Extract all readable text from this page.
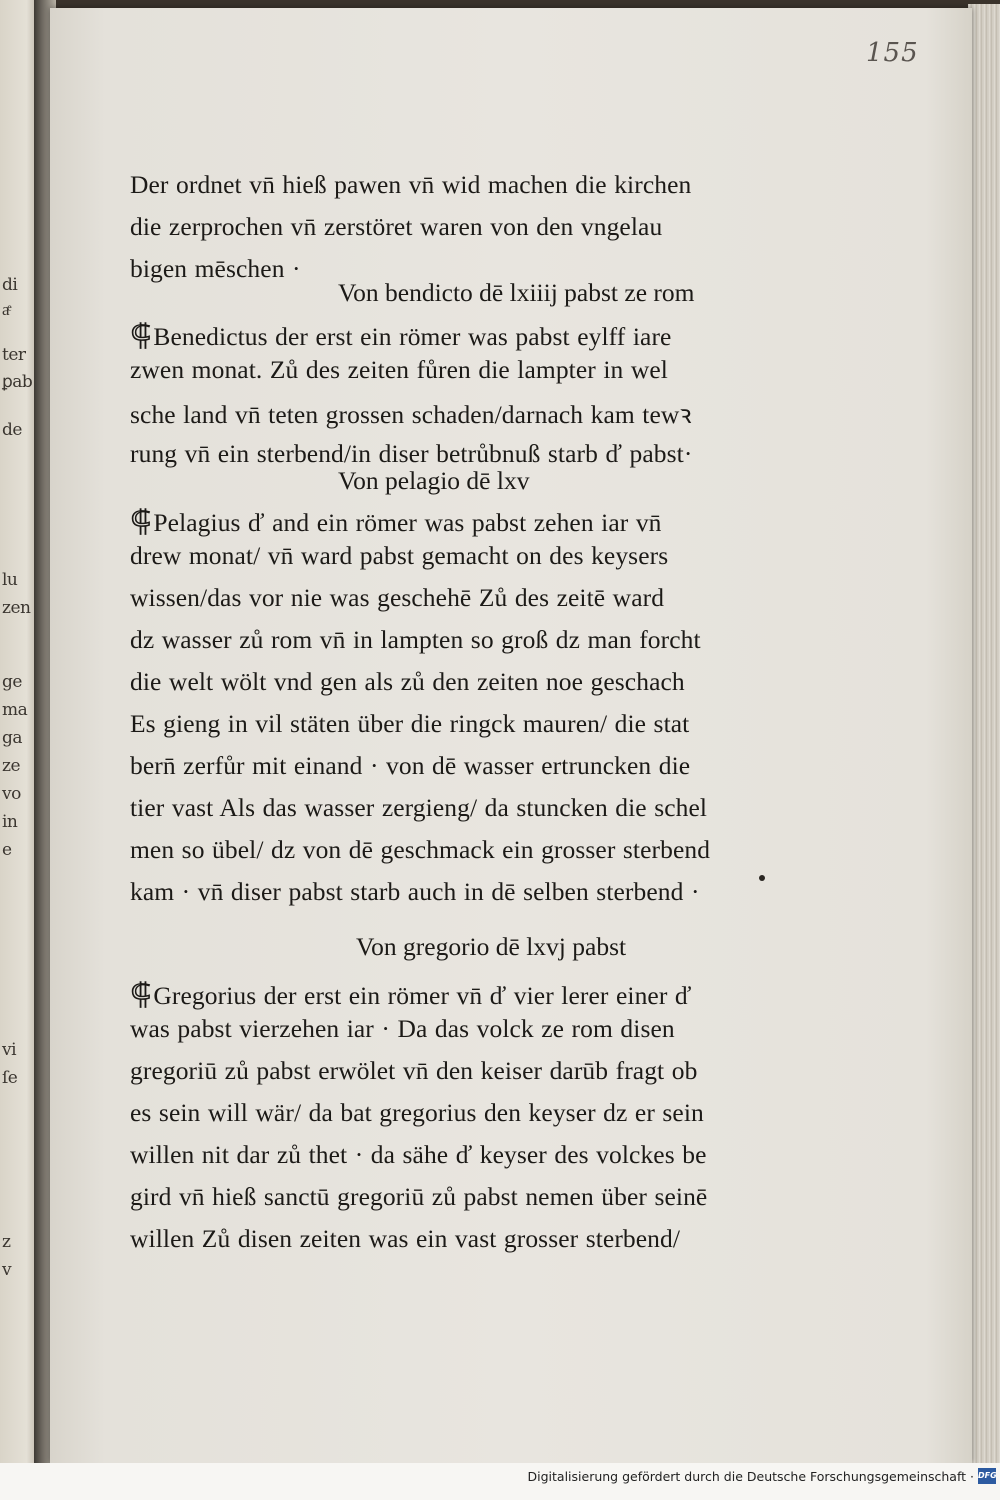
di
aͤ
ter
ꝑab
de
lu
zen
ge
ma
ga
ze
vo
in
e
vi
ſe
z
v
155
Der ordnet vn̄ hieß pawen vn̄ wid machen die kirchen
die zerprochen vn̄ zerstöret waren von den vngelau
bigen mēschen ·
Von bendicto dē lxiiij pabst ze rom
⸿Benedictus der erst ein römer was pabst eylff iare
zwen monat. Zů des zeiten fůren die lampter in wel
sche land vn̄ teten grossen schaden/darnach kam tewꝛ
rung vn̄ ein sterbend/in diser betrůbnuß starb ď pabst·
Von pelagio dē lxv
⸿Pelagius ď and ein römer was pabst zehen iar vn̄
drew monat/ vn̄ ward pabst gemacht on des keysers
wissen/das vor nie was geschehē Zů des zeitē ward
dz wasser zů rom vn̄ in lampten so groß dz man forcht
die welt wölt vnd gen als zů den zeiten noe geschach
Es gieng in vil stäten über die ringck mauren/ die stat
bern̄ zerfůr mit einand · von dē wasser ertruncken die
tier vast Als das wasser zergieng/ da stuncken die schel
men so übel/ dz von dē geschmack ein grosser sterbend
kam · vn̄ diser pabst starb auch in dē selben sterbend ·
Von gregorio dē lxvj pabst
⸿Gregorius der erst ein römer vn̄ ď vier lerer einer ď
was pabst vierzehen iar · Da das volck ze rom disen
gregoriū zů pabst erwölet vn̄ den keiser darūb fragt ob
es sein will wär/ da bat gregorius den keyser dz er sein
willen nit dar zů thet · da sähe ď keyser des volckes be
gird vn̄ hieß sanctū gregoriū zů pabst nemen über seinē
willen Zů disen zeiten was ein vast grosser sterbend/
Digitalisierung gefördert durch die Deutsche Forschungsgemeinschaft · DFG
